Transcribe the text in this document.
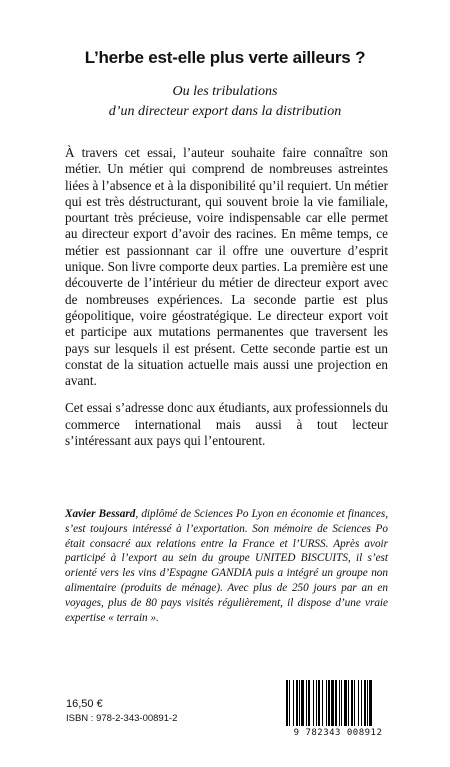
L’herbe est-elle plus verte ailleurs ?
Ou les tribulations
d’un directeur export dans la distribution

À travers cet essai, l’auteur souhaite faire connaître son métier. Un métier qui comprend de nombreuses astreintes liées à l’absence et à la disponibilité qu’il requiert. Un métier qui est très déstructurant, qui souvent broie la vie familiale, pourtant très précieuse, voire indispensable car elle permet au directeur export d’avoir des racines. En même temps, ce métier est passionnant car il offre une ouverture d’esprit unique. Son livre comporte deux parties. La première est une découverte de l’intérieur du métier de directeur export avec de nombreuses expériences. La seconde partie est plus géopolitique, voire géostratégique. Le directeur export voit et participe aux mutations permanentes que traversent les pays sur lesquels il est présent. Cette seconde partie est un constat de la situation actuelle mais aussi une projection en avant.

Cet essai s’adresse donc aux étudiants, aux professionnels du commerce international mais aussi à tout lecteur s’intéressant aux pays qui l’entourent.

Xavier Bessard, diplômé de Sciences Po Lyon en économie et finances, s’est toujours intéressé à l’exportation. Son mémoire de Sciences Po était consacré aux relations entre la France et l’URSS. Après avoir participé à l’export au sein du groupe UNITED BISCUITS, il s’est orienté vers les vins d’Espagne GANDIA puis a intégré un groupe non alimentaire (produits de ménage). Avec plus de 250 jours par an en voyages, plus de 80 pays visités régulièrement, il dispose d’une vraie expertise « terrain ».
16,50 €
ISBN : 978-2-343-00891-2
9 782343 008912
